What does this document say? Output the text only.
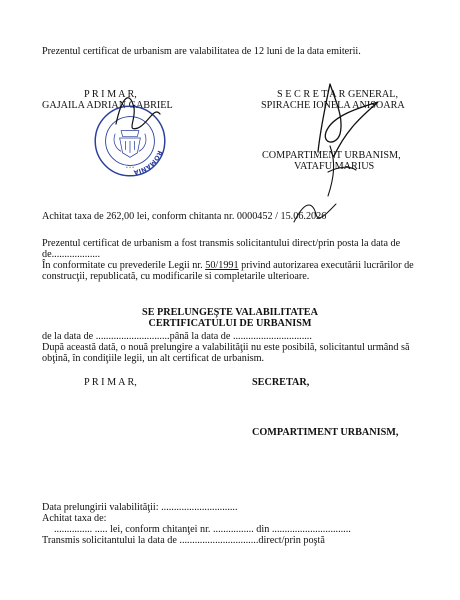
Prezentul certificat de urbanism are valabilitatea de 12 luni de la data emiterii.
P R I M A R,
GAJAILA ADRIAN GABRIEL
S E C R E T A R GENERAL,
SPIRACHE IONELA ANISOARA
ROMÂNIA
* * *
COMPARTIMENT URBANISM,
VATAFU MARIUS
Achitat taxa de 262,00 lei, conform chitanta nr. 0000452 / 15.06.2026
Prezentul certificat de urbanism a fost transmis solicitantului direct/prin posta la data de
de...................
În conformitate cu prevederile Legii nr. 50/1991 privind autorizarea executării lucrărilor de
construcţii, republicată, cu modificarile si completarile ulterioare.
SE PRELUNGEŞTE VALABILITATEA
CERTIFICATULUI DE URBANISM
de la data de .............................până la data de ...............................
După această dată, o nouă prelungire a valabilităţii nu este posibilă, solicitantul urmând să
obţină, în condiţiile legii, un alt certificat de urbanism.
P R I M A R,	SECRETAR,
COMPARTIMENT URBANISM,
Data prelungirii valabilităţii: ..............................
Achitat taxa de:
............... ..... lei, conform chitanţei nr. ................ din ...............................
Transmis solicitantului la data de ...............................direct/prin poştă
